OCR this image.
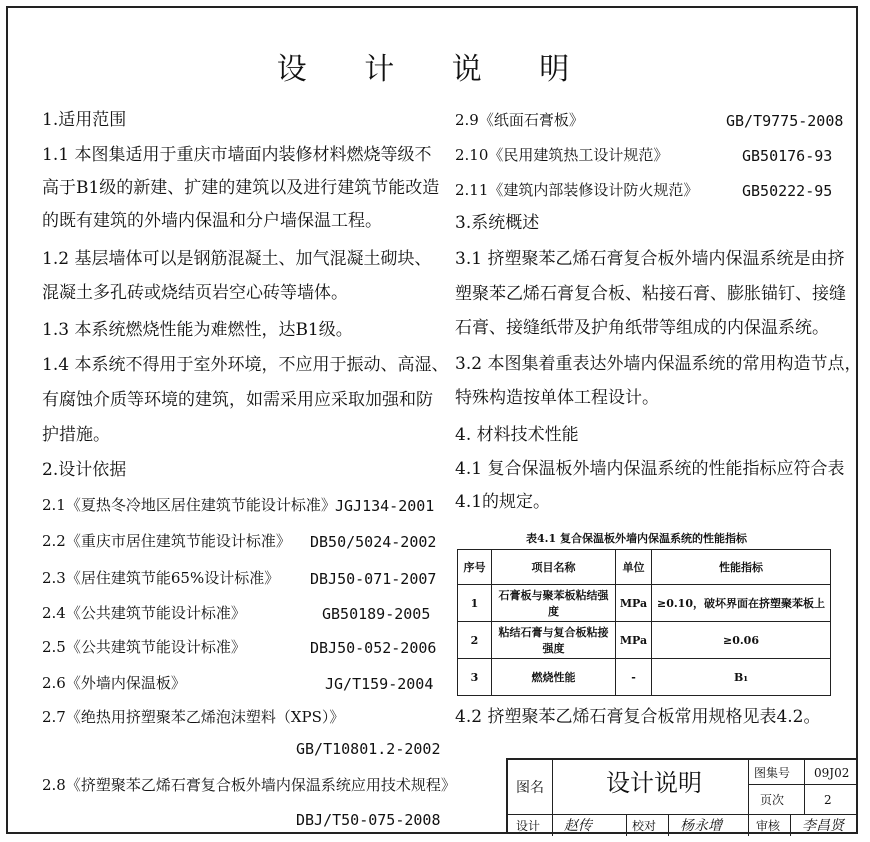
设 计 说 明
1.适用范围
1.1 本图集适用于重庆市墙面内装修材料燃烧等级不
高于B1级的新建、扩建的建筑以及进行建筑节能改造
的既有建筑的外墙内保温和分户墙保温工程。
1.2 基层墙体可以是钢筋混凝土、加气混凝土砌块、
混凝土多孔砖或烧结页岩空心砖等墙体。
1.3 本系统燃烧性能为难燃性，达B1级。
1.4 本系统不得用于室外环境，不应用于振动、高湿、
有腐蚀介质等环境的建筑，如需采用应采取加强和防
护措施。
2.设计依据
2.1《夏热冬冷地区居住建筑节能设计标准》 JGJ134-2001
2.2《重庆市居住建筑节能设计标准》 DB50/5024-2002
2.3《居住建筑节能65%设计标准》 DBJ50-071-2007
2.4《公共建筑节能设计标准》	GB50189-2005
2.5《公共建筑节能设计标准》	DBJ50-052-2006
2.6《外墙内保温板》	JG/T159-2004
2.7《绝热用挤塑聚苯乙烯泡沫塑料（XPS）》
GB/T10801.2-2002
2.8《挤塑聚苯乙烯石膏复合板外墙内保温系统应用技术规程》
DBJ/T50-075-2008
2.9《纸面石膏板》	GB/T9775-2008
2.10《民用建筑热工设计规范》	GB50176-93
2.11《建筑内部装修设计防火规范》	GB50222-95
3.系统概述
3.1 挤塑聚苯乙烯石膏复合板外墙内保温系统是由挤
塑聚苯乙烯石膏复合板、粘接石膏、膨胀锚钉、接缝
石膏、接缝纸带及护角纸带等组成的内保温系统。
3.2 本图集着重表达外墙内保温系统的常用构造节点，
特殊构造按单体工程设计。
4. 材料技术性能
4.1 复合保温板外墙内保温系统的性能指标应符合表
4.1的规定。
表4.1 复合保温板外墙内保温系统的性能指标
序号	项目名称	单位	性能指标
1	石膏板与聚苯板粘结强度	MPa	≥0.10，破坏界面在挤塑聚苯板上
2	粘结石膏与复合板粘接强度	MPa	≥0.06
3	燃烧性能	-	B₁
4.2 挤塑聚苯乙烯石膏复合板常用规格见表4.2。
图名	设计说明	图集号 09J02
页次	2
设计 赵传	校对 杨永增	审核 李昌贤
